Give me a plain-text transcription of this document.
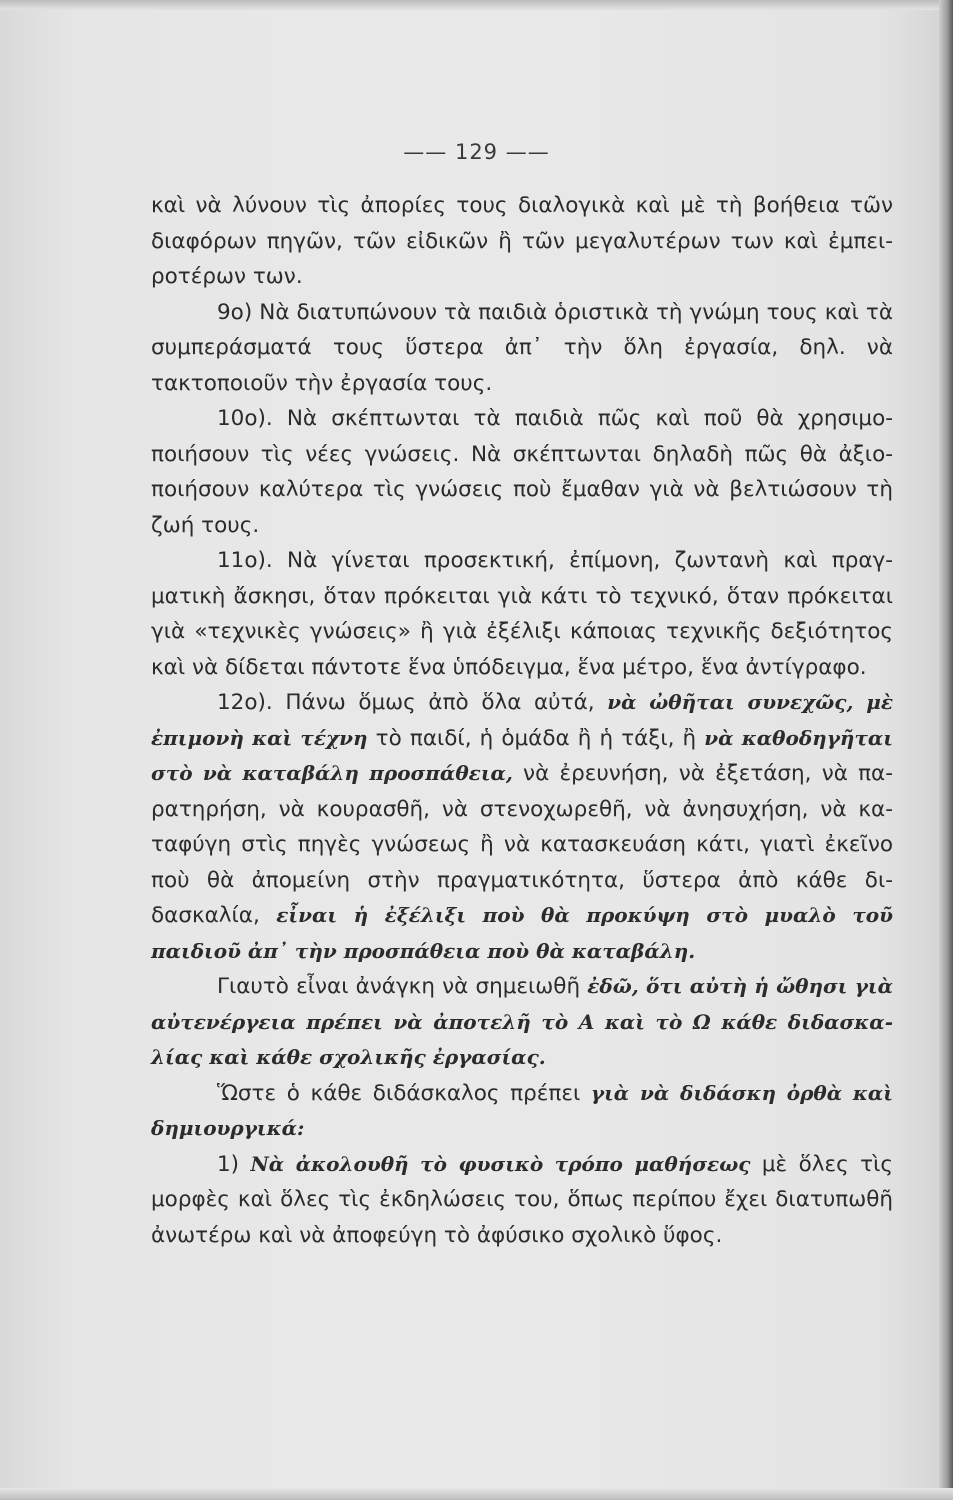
—— 129 ——

καὶ νὰ λύνουν τὶς ἀπορίες τους διαλογικὰ καὶ μὲ τὴ βοήθεια τῶν διαφόρων πηγῶν, τῶν εἰδικῶν ἢ τῶν μεγαλυτέρων των καὶ ἐμπειροτέρων των.

9ο) Νὰ διατυπώνουν τὰ παιδιὰ ὁριστικὰ τὴ γνώμη τους καὶ τὰ συμπεράσματά τους ὕστερα ἀπ᾿ τὴν ὅλη ἐργασία, δηλ. νὰ τακτοποιοῦν τὴν ἐργασία τους.

10ο). Νὰ σκέπτωνται τὰ παιδιὰ πῶς καὶ ποῦ θὰ χρησιμοποιήσουν τὶς νέες γνώσεις. Νὰ σκέπτωνται δηλαδὴ πῶς θὰ ἀξιοποιήσουν καλύτερα τὶς γνώσεις ποὺ ἔμαθαν γιὰ νὰ βελτιώσουν τὴ ζωή τους.

11ο). Νὰ γίνεται προσεκτική, ἐπίμονη, ζωντανὴ καὶ πραγματικὴ ἄσκησι, ὅταν πρόκειται γιὰ κάτι τὸ τεχνικό, ὅταν πρόκειται γιὰ «τεχνικὲς γνώσεις» ἢ γιὰ ἐξέλιξι κάποιας τεχνικῆς δεξιότητος καὶ νὰ δίδεται πάντοτε ἕνα ὑπόδειγμα, ἕνα μέτρο, ἕνα ἀντίγραφο.

12ο). Πάνω ὅμως ἀπὸ ὅλα αὐτά, νὰ ὠθῆται συνεχῶς, μὲ ἐπιμονὴ καὶ τέχνη τὸ παιδί, ἡ ὁμάδα ἢ ἡ τάξι, ἢ νὰ καθοδηγῆται στὸ νὰ καταβάλη προσπάθεια, νὰ ἐρευνήση, νὰ ἐξετάση, νὰ παρατηρήση, νὰ κουρασθῆ, νὰ στενοχωρεθῆ, νὰ ἀνησυχήση, νὰ καταφύγη στὶς πηγὲς γνώσεως ἢ νὰ κατασκευάση κάτι, γιατὶ ἐκεῖνο ποὺ θὰ ἀπομείνη στὴν πραγματικότητα, ὕστερα ἀπὸ κάθε διδασκαλία, εἶναι ἡ ἐξέλιξι ποὺ θὰ προκύψη στὸ μυαλὸ τοῦ παιδιοῦ ἀπ᾿ τὴν προσπάθεια ποὺ θὰ καταβάλη.

Γιαυτὸ εἶναι ἀνάγκη νὰ σημειωθῆ ἐδῶ, ὅτι αὐτὴ ἡ ὤθησι γιὰ αὐτενέργεια πρέπει νὰ ἀποτελῆ τὸ Α καὶ τὸ Ω κάθε διδασκαλίας καὶ κάθε σχολικῆς ἐργασίας.

Ὥστε ὁ κάθε διδάσκαλος πρέπει γιὰ νὰ διδάσκη ὀρθὰ καὶ δημιουργικά:

1) Νὰ ἀκολουθῆ τὸ φυσικὸ τρόπο μαθήσεως μὲ ὅλες τὶς μορφὲς καὶ ὅλες τὶς ἐκδηλώσεις του, ὅπως περίπου ἔχει διατυπωθῆ ἀνωτέρω καὶ νὰ ἀποφεύγη τὸ ἀφύσικο σχολικὸ ὕφος.
